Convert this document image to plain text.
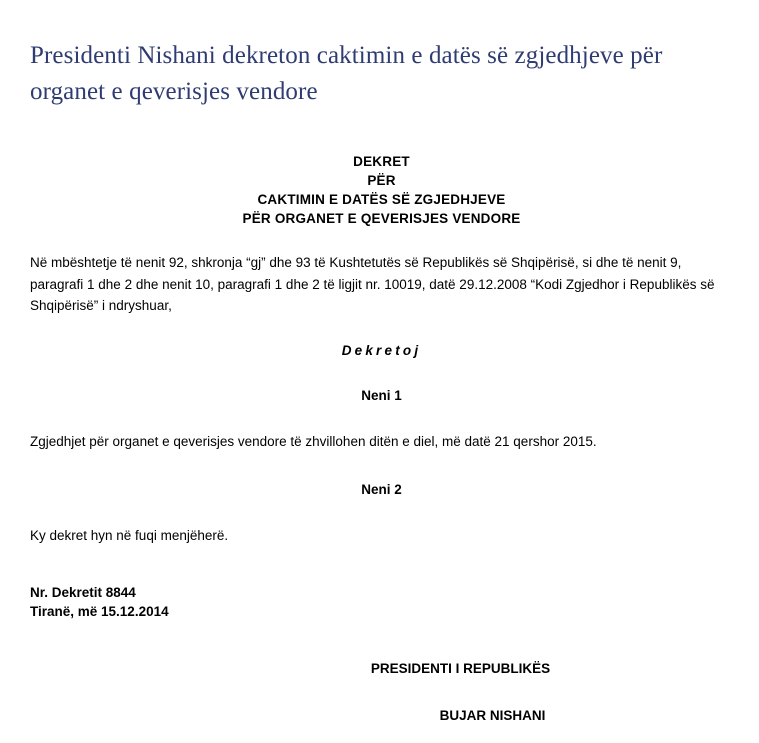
Presidenti Nishani dekreton caktimin e datës së zgjedhjeve për organet e qeverisjes vendore
DEKRET
PËR
CAKTIMIN E DATËS SË ZGJEDHJEVE
PËR ORGANET E QEVERISJES VENDORE

Në mbështetje të nenit 92, shkronja “gj” dhe 93 të Kushtetutës së Republikës së Shqipërisë, si dhe të nenit 9, paragrafi 1 dhe 2 dhe nenit 10, paragrafi 1 dhe 2 të ligjit nr. 10019, datë 29.12.2008 “Kodi Zgjedhor i Republikës së Shqipërisë” i ndryshuar,

Dekretoj
Neni 1

Zgjedhjet për organet e qeverisjes vendore të zhvillohen ditën e diel, më datë 21 qershor 2015.

Neni 2

Ky dekret hyn në fuqi menjëherë.

Nr. Dekretit 8844
Tiranë, më 15.12.2014
PRESIDENTI I REPUBLIKËS
BUJAR NISHANI
